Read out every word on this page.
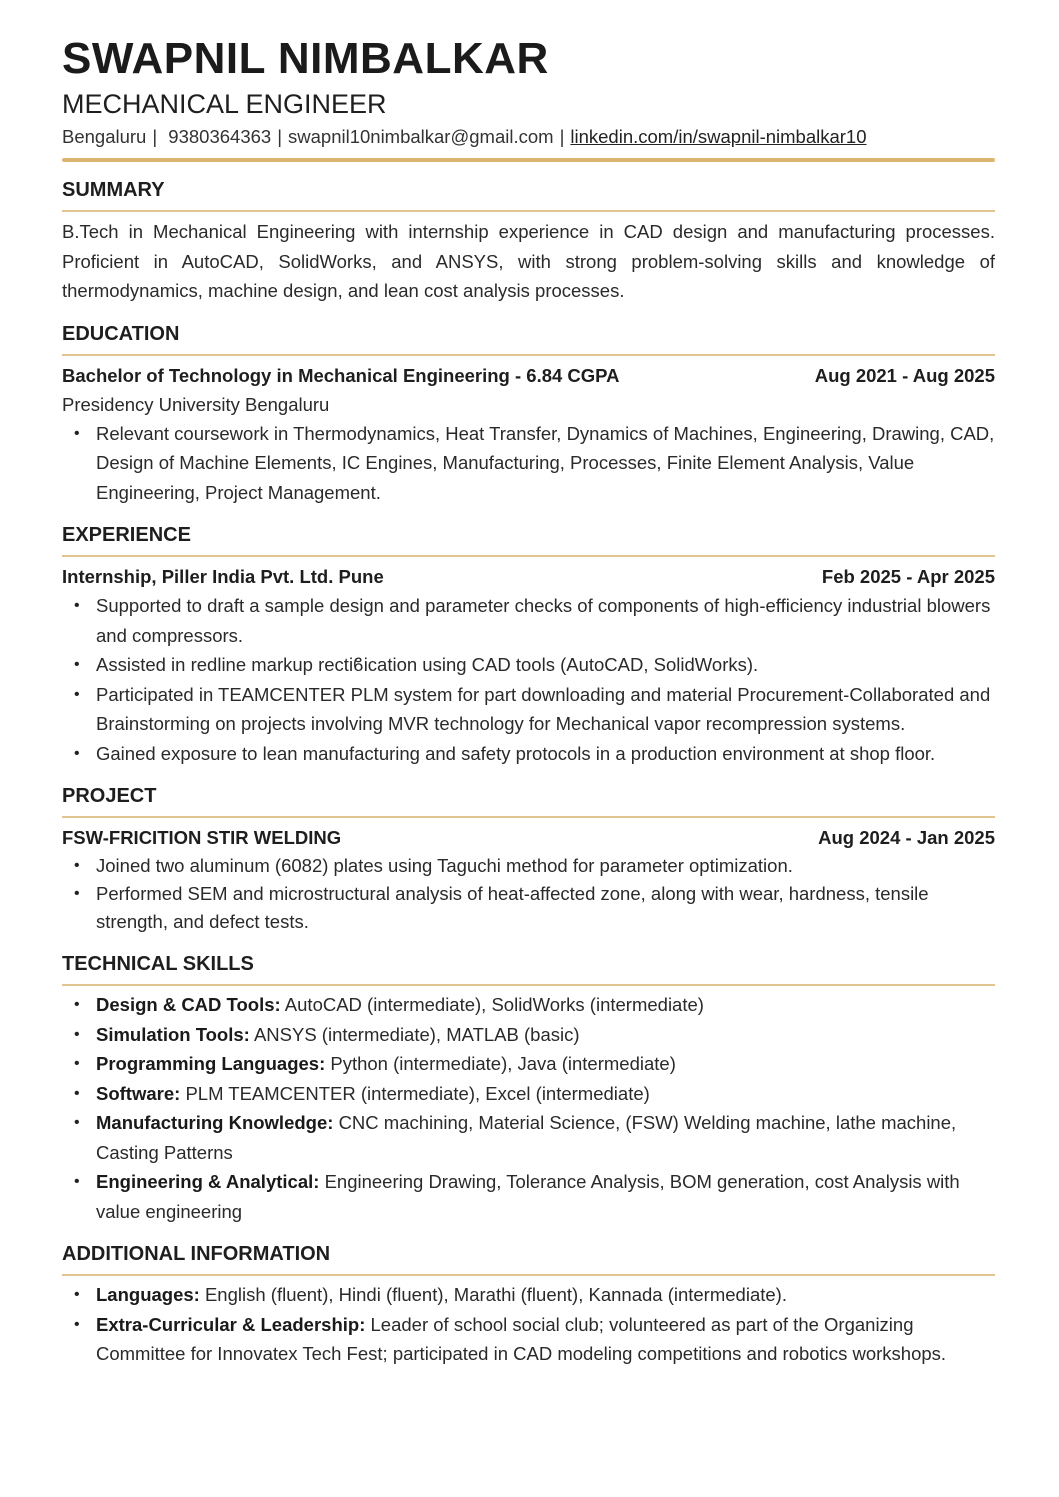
SWAPNIL NIMBALKAR
MECHANICAL ENGINEER
Bengaluru | 9380364363 | swapnil10nimbalkar@gmail.com | linkedin.com/in/swapnil-nimbalkar10
SUMMARY
B.Tech in Mechanical Engineering with internship experience in CAD design and manufacturing processes. Proficient in AutoCAD, SolidWorks, and ANSYS, with strong problem-solving skills and knowledge of thermodynamics, machine design, and lean cost analysis processes.
EDUCATION
Bachelor of Technology in Mechanical Engineering - 6.84 CGPA	Aug 2021 - Aug 2025
Presidency University Bengaluru
• Relevant coursework in Thermodynamics, Heat Transfer, Dynamics of Machines, Engineering, Drawing, CAD, Design of Machine Elements, IC Engines, Manufacturing, Processes, Finite Element Analysis, Value Engineering, Project Management.
EXPERIENCE
Internship, Piller India Pvt. Ltd. Pune	Feb 2025 - Apr 2025
• Supported to draft a sample design and parameter checks of components of high-efficiency industrial blowers and compressors.
• Assisted in redline markup rectiϐication using CAD tools (AutoCAD, SolidWorks).
• Participated in TEAMCENTER PLM system for part downloading and material Procurement-Collaborated and Brainstorming on projects involving MVR technology for Mechanical vapor recompression systems.
• Gained exposure to lean manufacturing and safety protocols in a production environment at shop floor.
PROJECT
FSW-FRICITION STIR WELDING	Aug 2024 - Jan 2025
• Joined two aluminum (6082) plates using Taguchi method for parameter optimization.
• Performed SEM and microstructural analysis of heat-affected zone, along with wear, hardness, tensile strength, and defect tests.
TECHNICAL SKILLS
• Design & CAD Tools: AutoCAD (intermediate), SolidWorks (intermediate)
• Simulation Tools: ANSYS (intermediate), MATLAB (basic)
• Programming Languages: Python (intermediate), Java (intermediate)
• Software: PLM TEAMCENTER (intermediate), Excel (intermediate)
• Manufacturing Knowledge: CNC machining, Material Science, (FSW) Welding machine, lathe machine, Casting Patterns
• Engineering & Analytical: Engineering Drawing, Tolerance Analysis, BOM generation, cost Analysis with value engineering
ADDITIONAL INFORMATION
• Languages: English (fluent), Hindi (fluent), Marathi (fluent), Kannada (intermediate).
• Extra-Curricular & Leadership: Leader of school social club; volunteered as part of the Organizing Committee for Innovatex Tech Fest; participated in CAD modeling competitions and robotics workshops.
